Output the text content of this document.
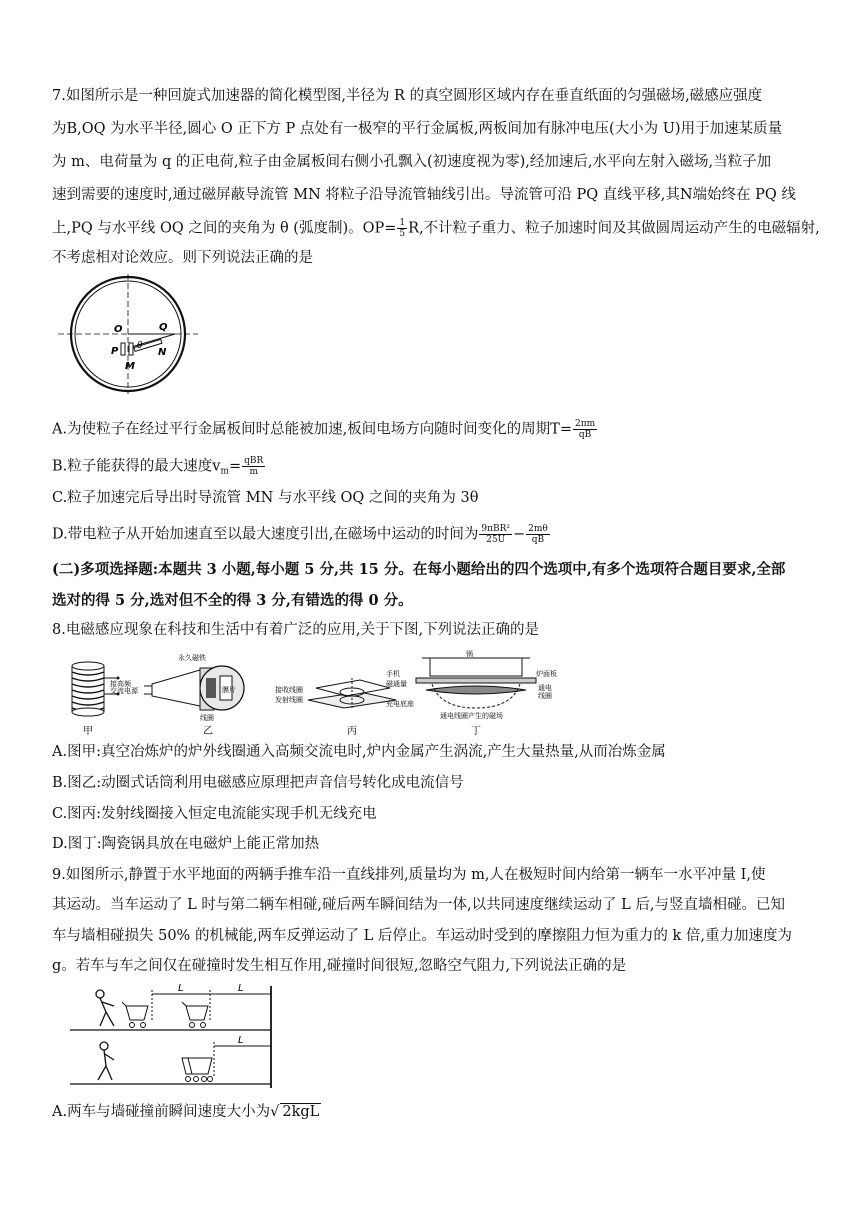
7.如图所示是一种回旋式加速器的简化模型图,半径为 R 的真空圆形区域内存在垂直纸面的匀强磁场,磁感应强度
为B,OQ 为水平半径,圆心 O 正下方 P 点处有一极窄的平行金属板,两板间加有脉冲电压(大小为 U)用于加速某质量
为 m、电荷量为 q 的正电荷,粒子由金属板间右侧小孔飘入(初速度视为零),经加速后,水平向左射入磁场,当粒子加
速到需要的速度时,通过磁屏蔽导流管 MN 将粒子沿导流管轴线引出。导流管可沿 PQ 直线平移,其N端始终在 PQ 线
上,PQ 与水平线 OQ 之间的夹角为 θ (弧度制)。$OP= \frac{1}{5} R$,不计粒子重力、粒子加速时间及其做圆周运动产生的电磁辐射,
不考虑相对论效应。则下列说法正确的是
O	Q
P	N
M
θ
A.为使粒子在经过平行金属板间时总能被加速,板间电场方向随时间变化的周期$T= \frac{2\pi m}{qB}$
B.粒子能获得的最大速度$v_m= \frac{\text{qBR}}{m}$
C.粒子加速完后导出时导流管 MN 与水平线 OQ 之间的夹角为 3θ
D.带电粒子从开始加速直至以最大速度引出,在磁场中运动的时间为 $\frac{\text{9πBR²}}{25U} - \frac{2m\theta}{qB}$
(二)多项选择题:本题共 3 小题,每小题 5 分,共 15 分。在每小题给出的四个选项中,有多个选项符合题目要求,全部
选对的得 5 分,选对但不全的得 3 分,有错选的得 0 分。
8.电磁感应现象在科技和生活中有着广泛的应用,关于下图,下列说法正确的是
接高频
交流电源
甲
永久磁铁
膜片
线圈
乙
接收线圈
发射线圈
手机
磁通量
充电底座
丙
锅
炉面板
通电
线圈
通电线圈产生的磁场
丁
A.图甲:真空冶炼炉的炉外线圈通入高频交流电时,炉内金属产生涡流,产生大量热量,从而冶炼金属
B.图乙:动圈式话筒利用电磁感应原理把声音信号转化成电流信号
C.图丙:发射线圈接入恒定电流能实现手机无线充电
D.图丁:陶瓷锅具放在电磁炉上能正常加热
9.如图所示,静置于水平地面的两辆手推车沿一直线排列,质量均为 m,人在极短时间内给第一辆车一水平冲量 I,使
其运动。当车运动了 L 时与第二辆车相碰,碰后两车瞬间结为一体,以共同速度继续运动了 L 后,与竖直墙相碰。已知
车与墙相碰损失 50% 的机械能,两车反弹运动了 L 后停止。车运动时受到的摩擦阻力恒为重力的 k 倍,重力加速度为
g。若车与车之间仅在碰撞时发生相互作用,碰撞时间很短,忽略空气阻力,下列说法正确的是
L	L
L
A.两车与墙碰撞前瞬间速度大小为√ 2kgL
